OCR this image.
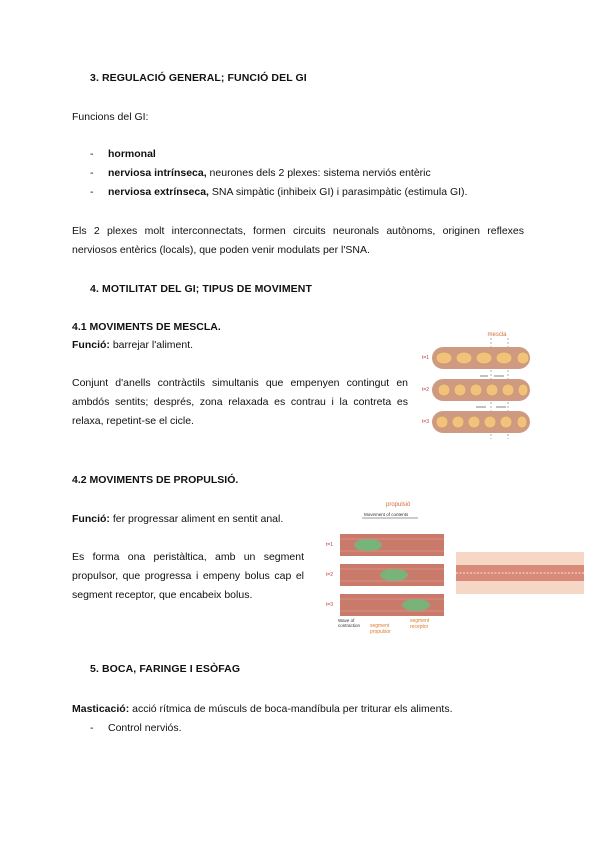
3. REGULACIÓ GENERAL; FUNCIÓ DEL GI
Funcions del GI:
- hormonal
- nerviosa intrínseca, neurones dels 2 plexes: sistema nerviós entèric
- nerviosa extrínseca, SNA simpàtic (inhibeix GI) i parasimpàtic (estimula GI).
Els 2 plexes molt interconnectats, formen circuits neuronals autònoms, originen reflexes nerviosos entèrics (locals), que poden venir modulats per l'SNA.
4. MOTILITAT DEL GI; TIPUS DE MOVIMENT
4.1 MOVIMENTS DE MESCLA.
Funció: barrejar l'aliment.
Conjunt d'anells contràctils simultanis que empenyen contingut en ambdós sentits; després, zona relaxada es contrau i la contreta es relaxa, repetint-se el cicle.
mescla
t=1
t=2
t=3
4.2 MOVIMENTS DE PROPULSIÓ.
Funció: fer progressar aliment en sentit anal.
Es forma ona peristàltica, amb un segment propulsor, que progressa i empeny bolus cap el segment receptor, que encabeix bolus.
propulsió
Movement of contents
t=1
t=2
t=3
Wave of
contraction segment
propulsor
segment
receptor
5. BOCA, FARINGE I ESÒFAG
Masticació: acció rítmica de músculs de boca-mandíbula per triturar els aliments.
- Control nerviós.
